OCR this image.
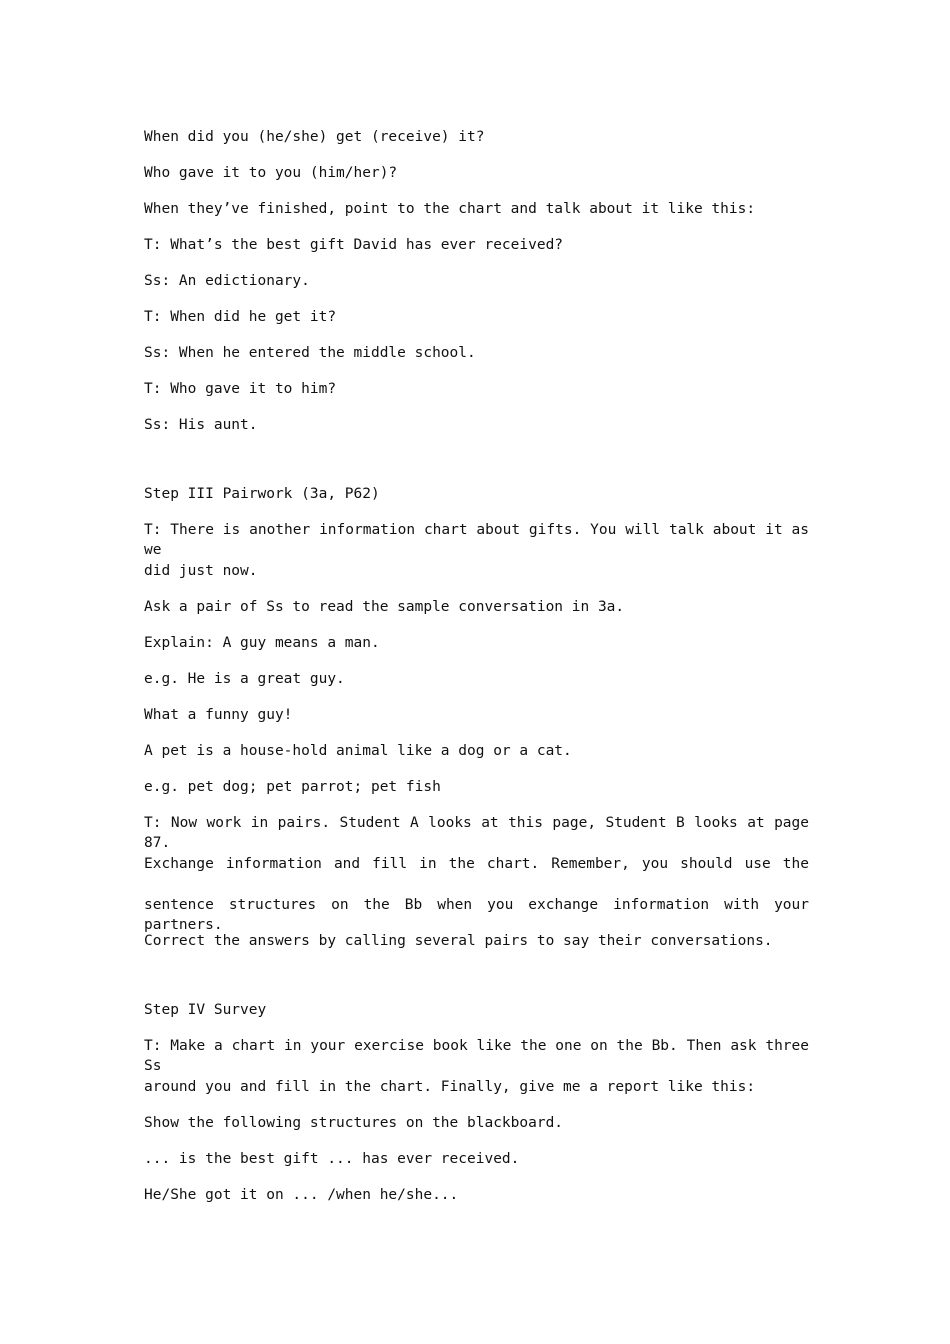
When did you (he/she) get (receive) it?
Who gave it to you (him/her)?
When they’ve finished, point to the chart and talk about it like this:
T: What’s the best gift David has ever received?
Ss: An edictionary.
T: When did he get it?
Ss: When he entered the middle school.
T: Who gave it to him?
Ss: His aunt.
Step III Pairwork (3a, P62)
T: There is another information chart about gifts. You will talk about it as we
did just now.
Ask a pair of Ss to read the sample conversation in 3a.
Explain: A guy means a man.
e.g. He is a great guy.
What a funny guy!
A pet is a house-hold animal like a dog or a cat.
e.g. pet dog; pet parrot; pet fish
T: Now work in pairs. Student A looks at this page, Student B looks at page 87.
Exchange information and fill in the chart. Remember, you should use the
sentence structures on the Bb when you exchange information with your partners.
Correct the answers by calling several pairs to say their conversations.
Step IV Survey
T: Make a chart in your exercise book like the one on the Bb. Then ask three Ss
around you and fill in the chart. Finally, give me a report like this:
Show the following structures on the blackboard.
... is the best gift ... has ever received.
He/She got it on ... /when he/she...
